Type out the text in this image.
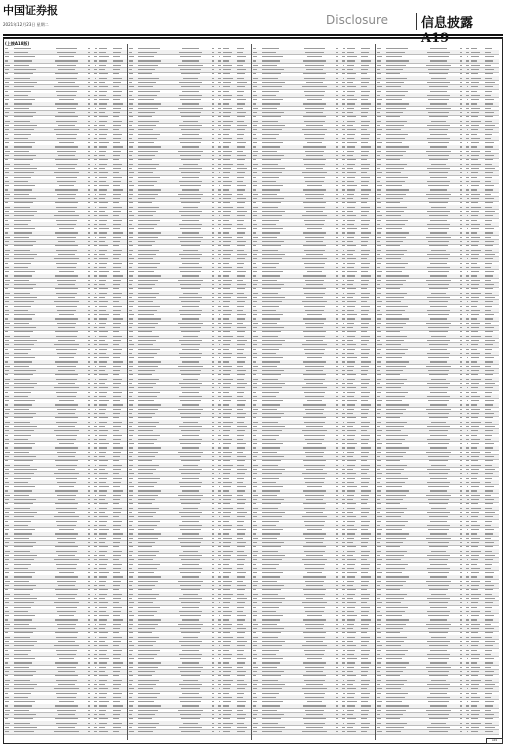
中国证券报
2021年12月23日 星期二	Disclosure	信息披露 A19
(上接A18版)
A19
